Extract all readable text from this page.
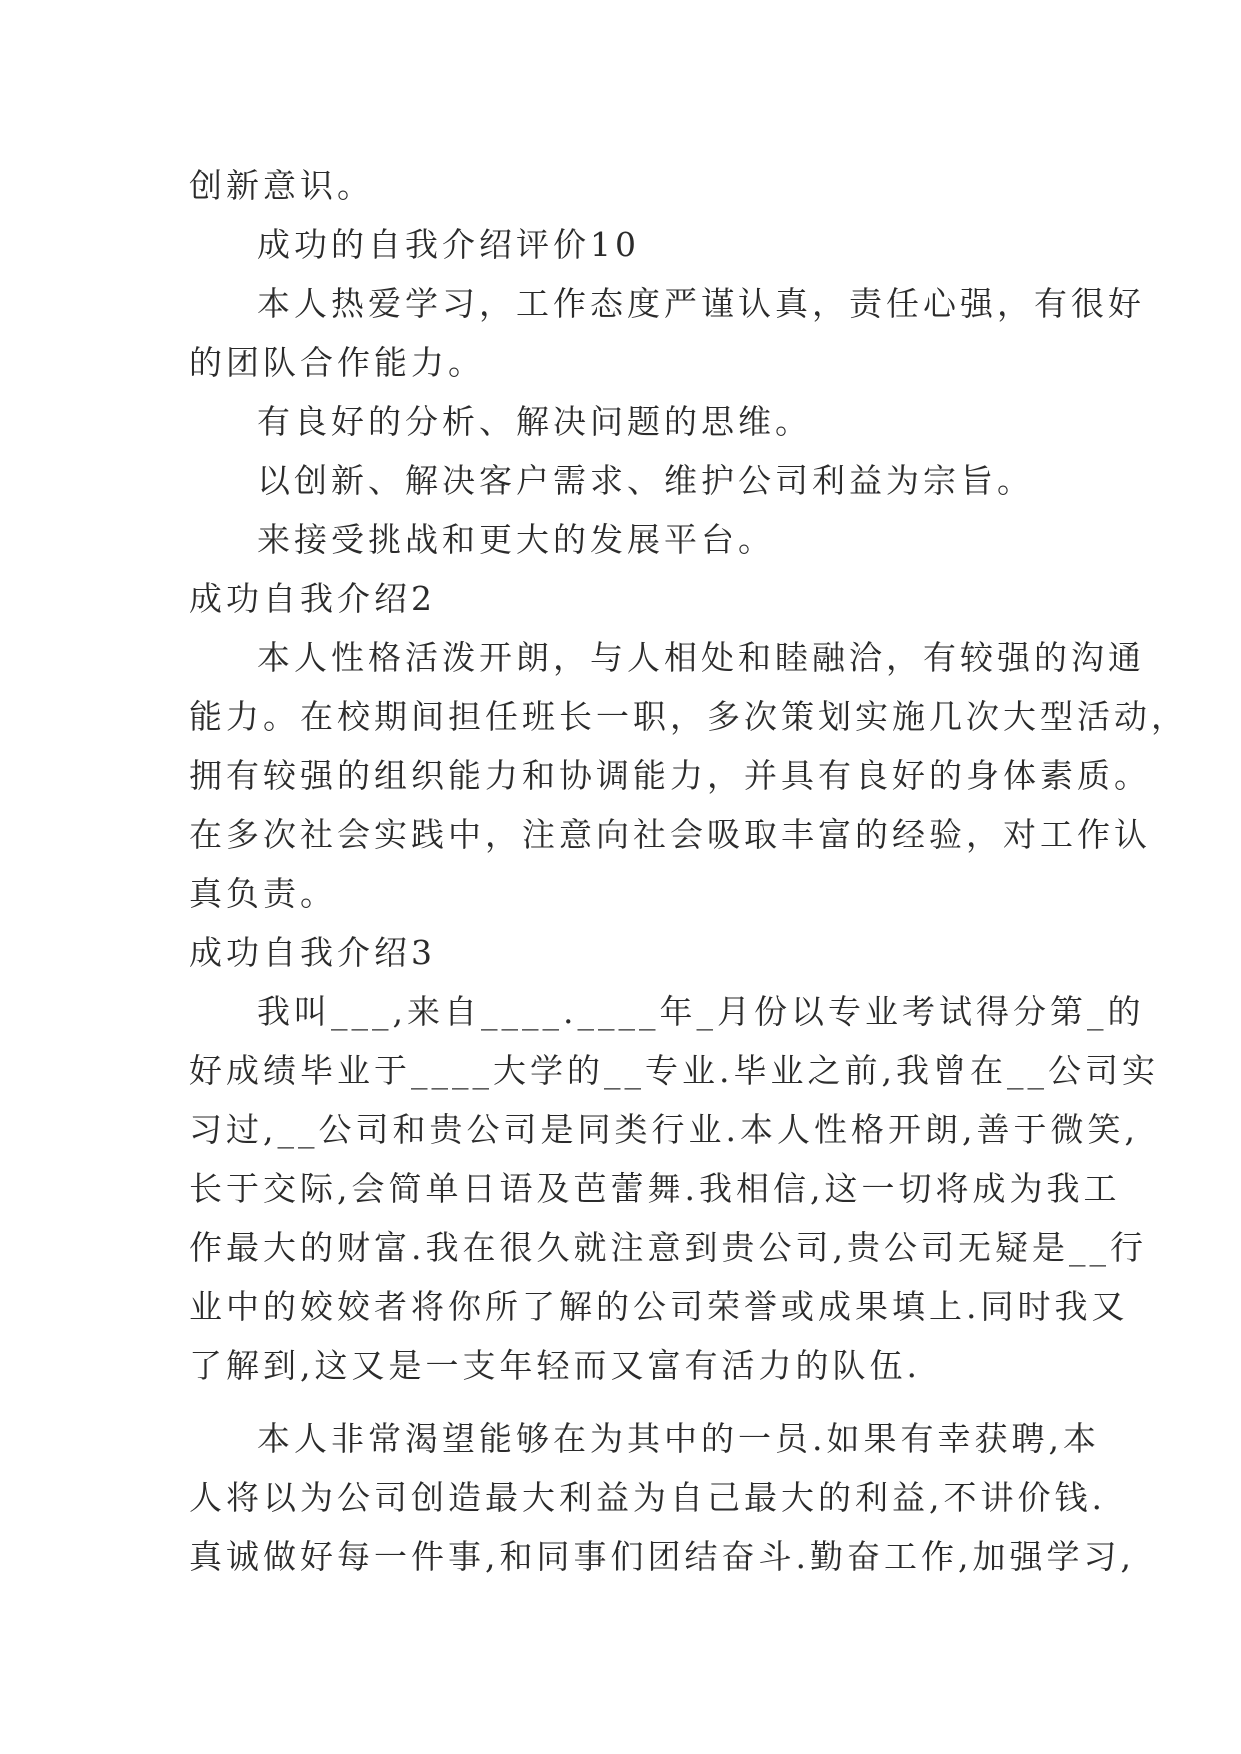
创新意识。
成功的自我介绍评价10
本人热爱学习，工作态度严谨认真，责任心强，有很好
的团队合作能力。
有良好的分析、解决问题的思维。
以创新、解决客户需求、维护公司利益为宗旨。
来接受挑战和更大的发展平台。
成功自我介绍2
本人性格活泼开朗，与人相处和睦融洽，有较强的沟通
能力。在校期间担任班长一职，多次策划实施几次大型活动，
拥有较强的组织能力和协调能力，并具有良好的身体素质。
在多次社会实践中，注意向社会吸取丰富的经验，对工作认
真负责。
成功自我介绍3
我叫___,来自____.____年_月份以专业考试得分第_的
好成绩毕业于____大学的__专业.毕业之前,我曾在__公司实
习过,__公司和贵公司是同类行业.本人性格开朗,善于微笑,
长于交际,会简单日语及芭蕾舞.我相信,这一切将成为我工
作最大的财富.我在很久就注意到贵公司,贵公司无疑是__行
业中的姣姣者将你所了解的公司荣誉或成果填上.同时我又
了解到,这又是一支年轻而又富有活力的队伍.
本人非常渴望能够在为其中的一员.如果有幸获聘,本
人将以为公司创造最大利益为自己最大的利益,不讲价钱.
真诚做好每一件事,和同事们团结奋斗.勤奋工作,加强学习,
